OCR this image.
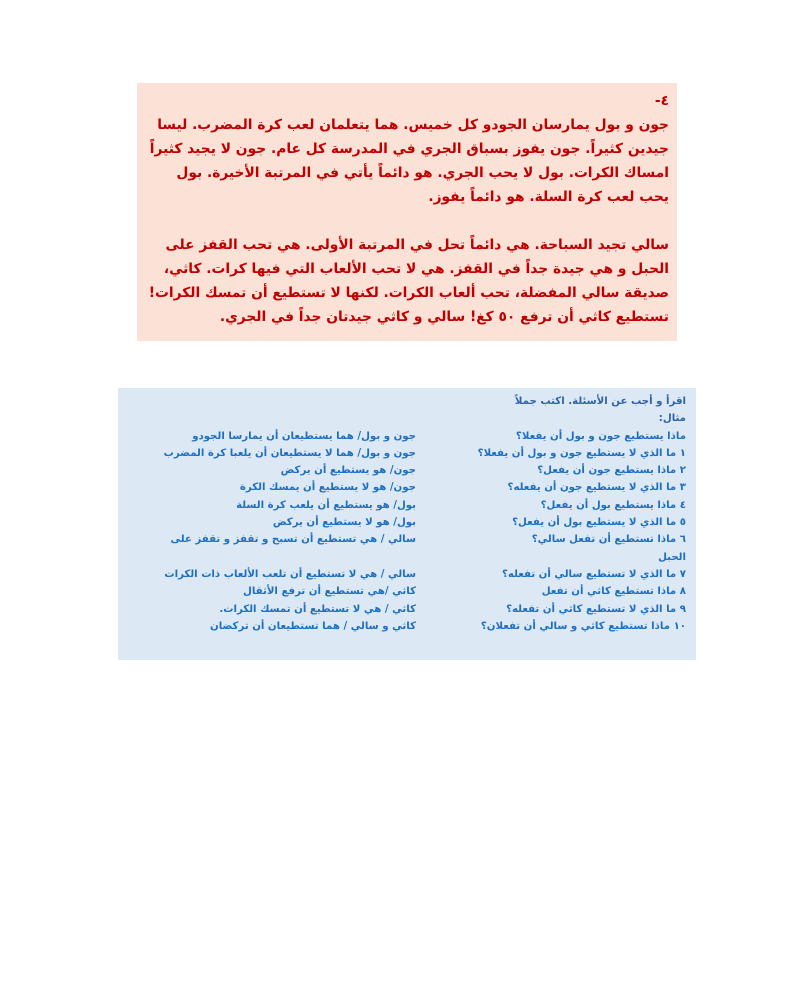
٤-

جون و بول يمارسان الجودو كل خميس. هما يتعلمان لعب كرة المضرب. ليسا جيدين كثيراً. جون يفوز بسباق الجري في المدرسة كل عام. جون لا يجيد كثيراً امساك الكرات. بول لا يحب الجري. هو دائماً يأتي في المرتبة الأخيرة. بول يحب لعب كرة السلة. هو دائماً يفوز.

سالي تجيد السباحة. هي دائماً تحل في المرتبة الأولى. هي تحب القفز على الحبل و هي جيدة جداً في القفز. هي لا تحب الألعاب التي فيها كرات. كاثي، صديقة سالي المفضلة، تحب ألعاب الكرات. لكنها لا تستطيع أن تمسك الكرات! تستطيع كاثي أن ترفع ٥٠ كغ! سالي و كاثي جيدتان جداً في الجري.

اقرأ و أجب عن الأسئلة. اكتب جملاً

مثال:

ماذا يستطيع جون و بول أن يفعلا؟
جون و بول/ هما يستطيعان أن يمارسا الجودو
١ ما الذي لا يستطيع جون و بول أن يفعلا؟
جون و بول/ هما لا يستطيعان أن يلعبا كرة المضرب
٢ ماذا يستطيع جون أن يفعل؟
جون/ هو يستطيع أن يركض
٣ ما الذي لا يستطيع جون أن يفعله؟
جون/ هو لا يستطيع أن يمسك الكرة
٤ ماذا يستطيع بول أن يفعل؟
بول/ هو يستطيع أن يلعب كرة السلة
٥ ما الذي لا يستطيع بول أن يفعل؟
بول/ هو لا يستطيع أن يركض
٦ ماذا تستطيع أن تفعل سالي؟
سالي / هي تستطيع أن تسبح و تقفز و تقفز على

الحبل

٧ ما الذي لا تستطيع سالي أن تفعله؟
سالي / هي لا تستطيع أن تلعب الألعاب ذات الكرات
٨ ماذا تستطيع كاثي أن تفعل
كاثي /هي تستطيع أن ترفع الأثقال
٩ ما الذي لا تستطيع كاثي أن تفعله؟
كاثي / هي لا تستطيع أن تمسك الكرات.
١٠ ماذا تستطيع كاثي و سالي أن تفعلان؟
كاثي و سالي / هما تستطيعان أن تركضان
